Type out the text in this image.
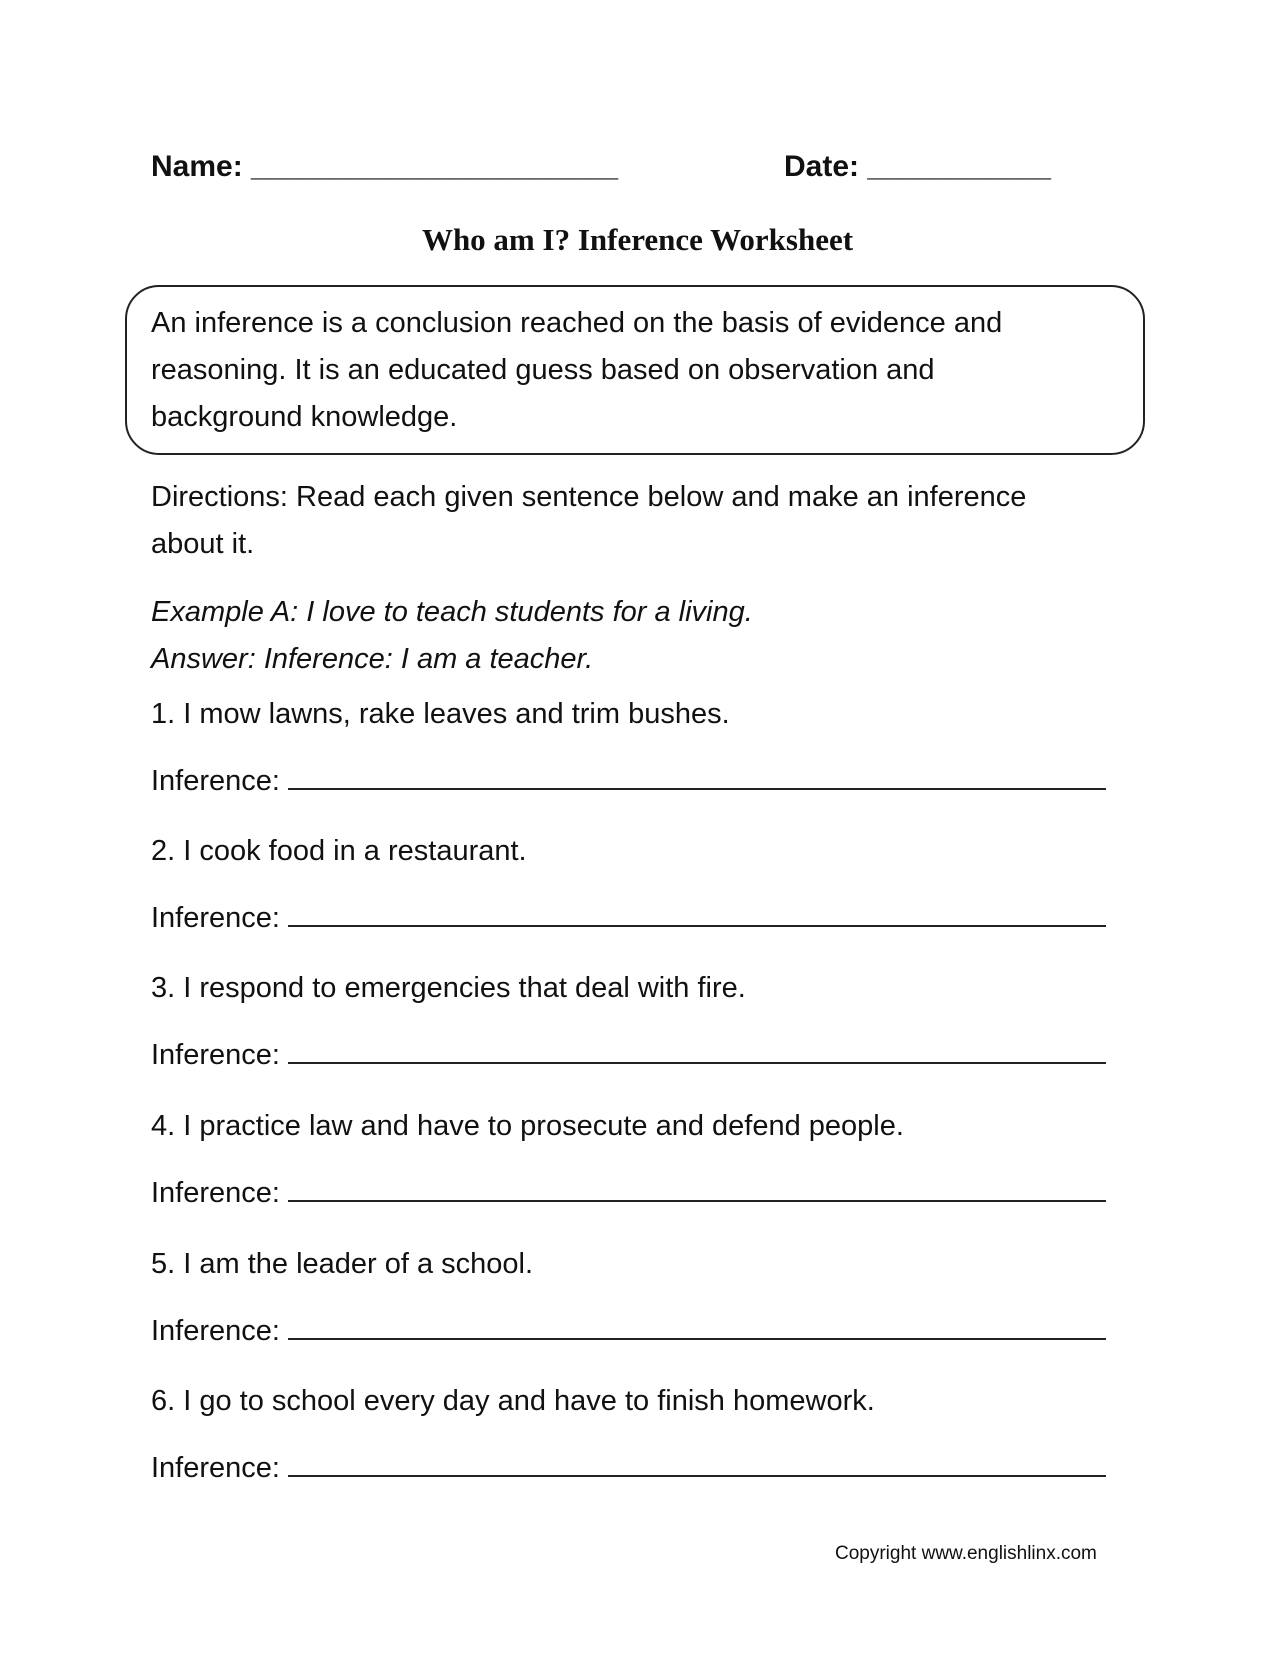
Name: ______________________	Date: ___________
Who am I? Inference Worksheet
An inference is a conclusion reached on the basis of evidence and reasoning. It is an educated guess based on observation and background knowledge.
Directions: Read each given sentence below and make an inference about it.
Example A: I love to teach students for a living.
Answer: Inference: I am a teacher.
1. I mow lawns, rake leaves and trim bushes.
Inference:
2. I cook food in a restaurant.
Inference:
3. I respond to emergencies that deal with fire.
Inference:
4. I practice law and have to prosecute and defend people.
Inference:
5. I am the leader of a school.
Inference:
6. I go to school every day and have to finish homework.
Inference:
Copyright www.englishlinx.com
